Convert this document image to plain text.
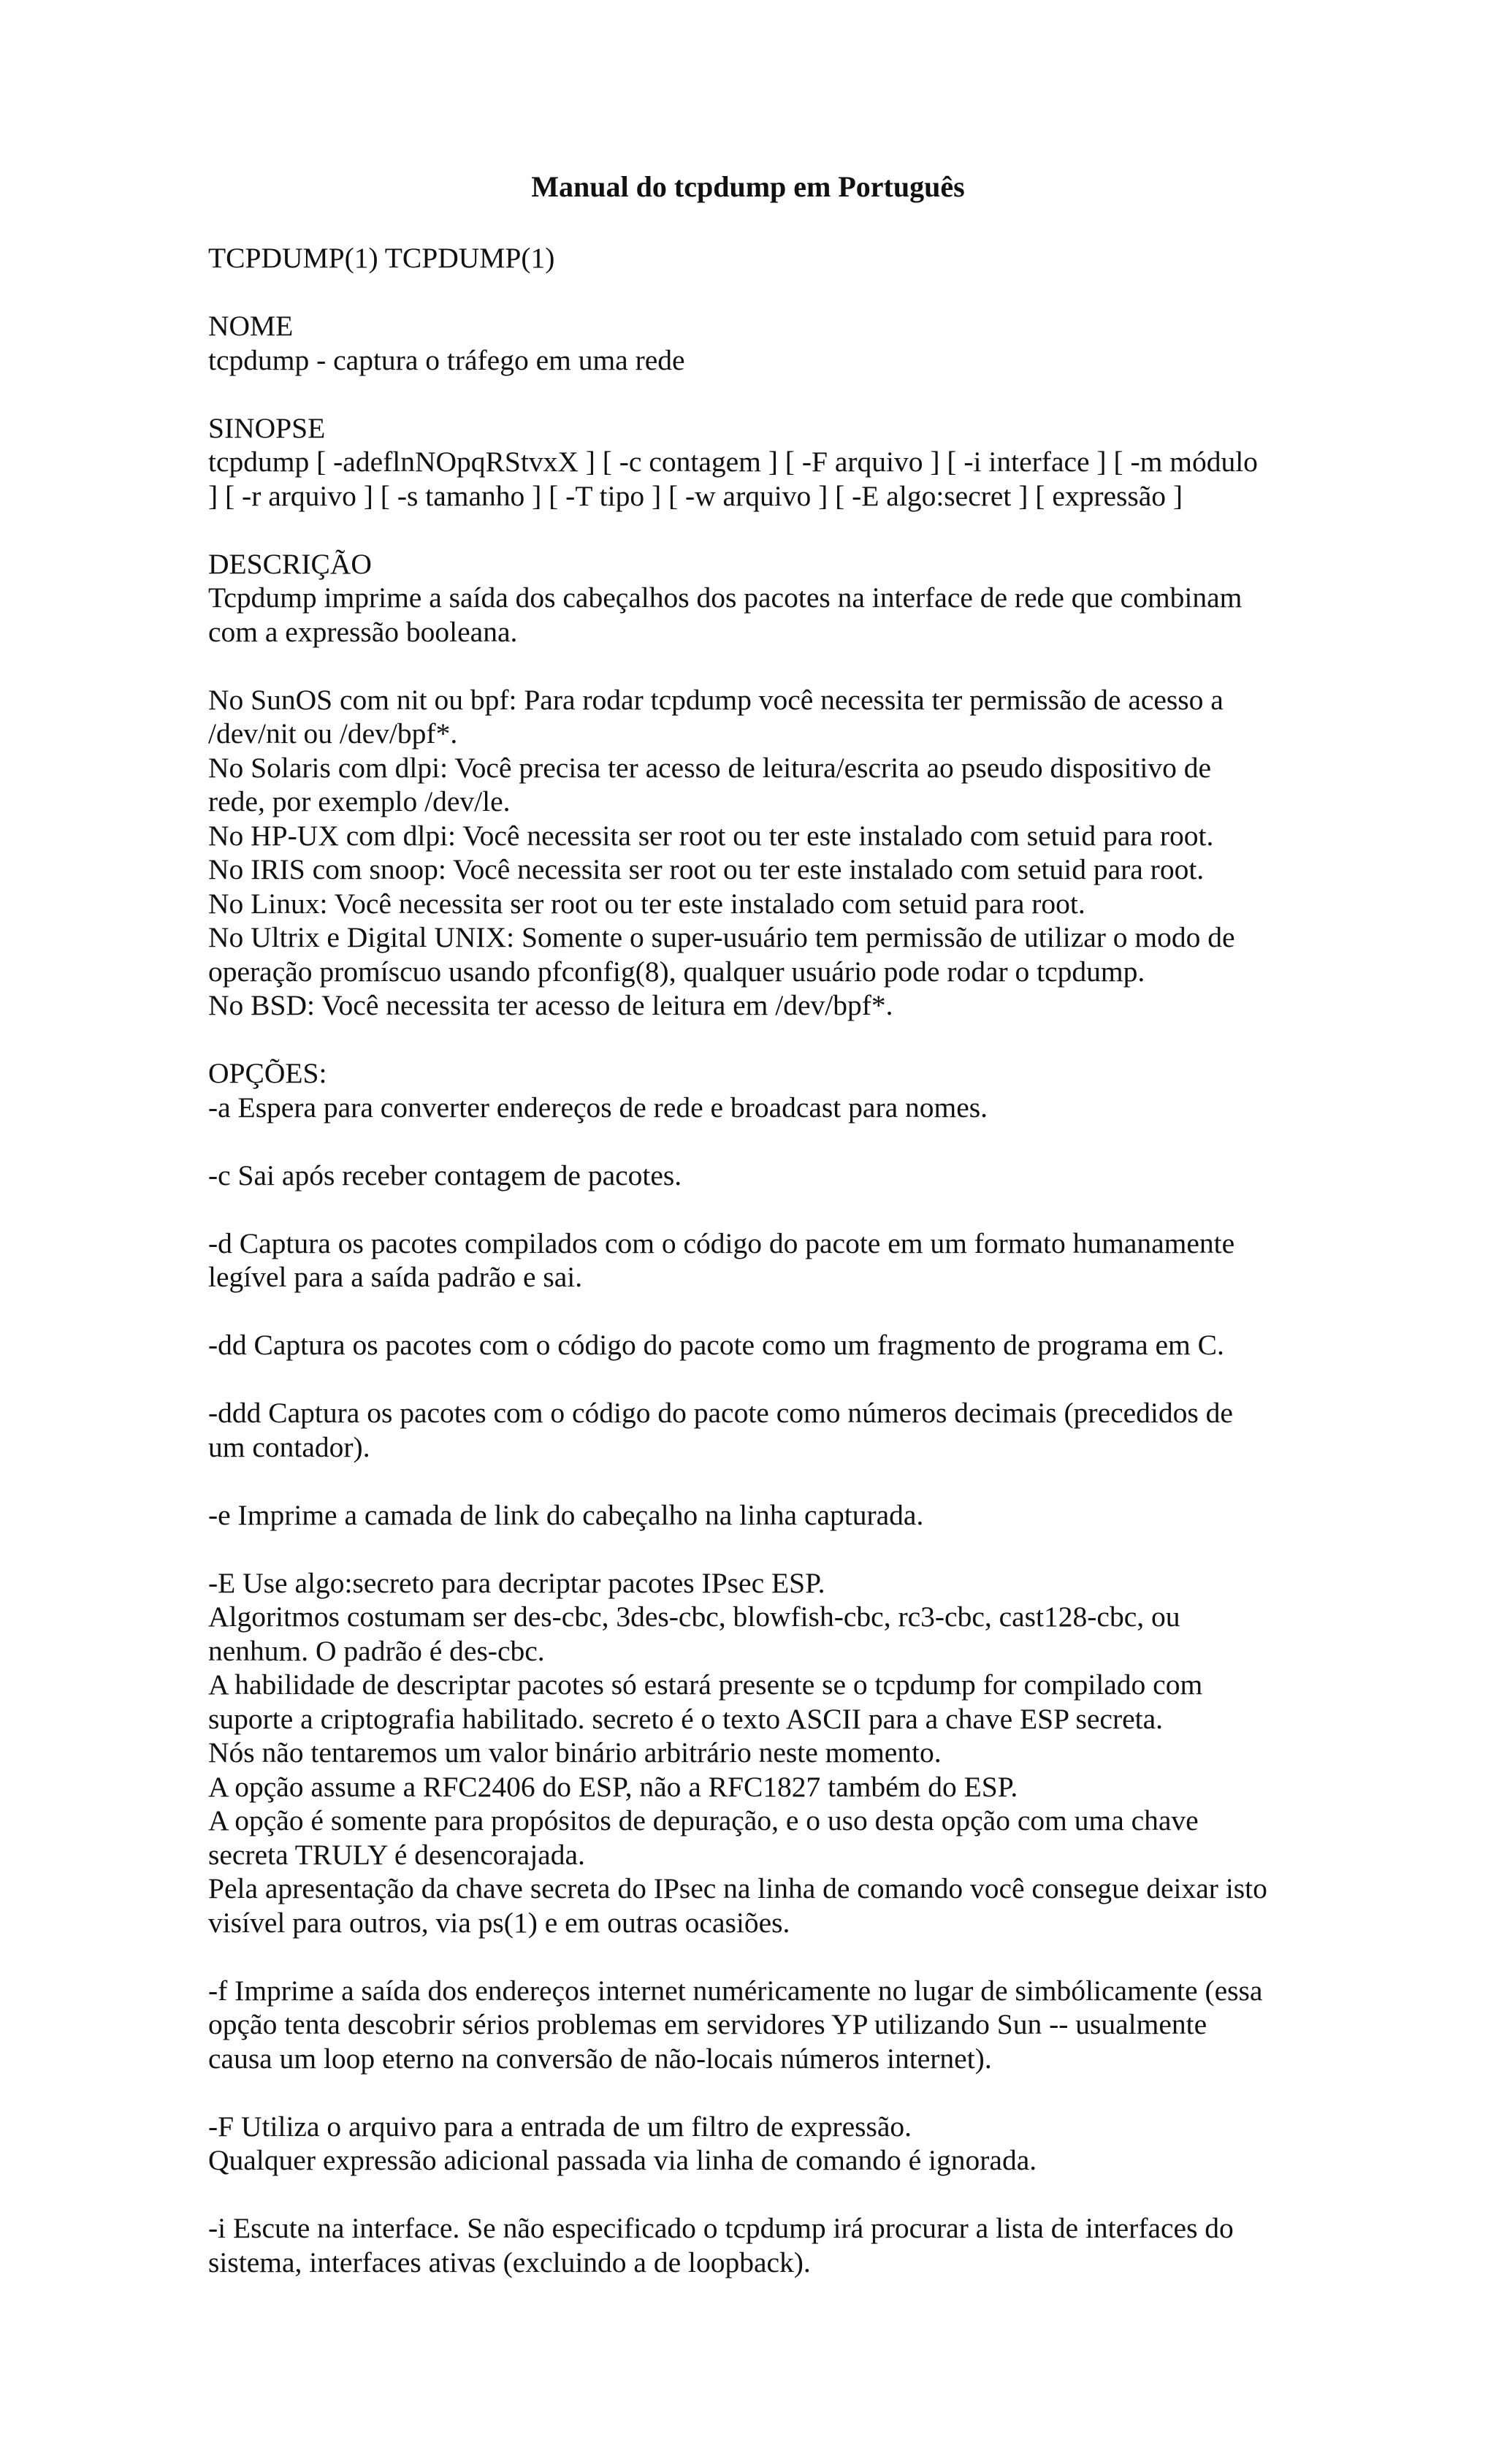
Manual do tcpdump em Português
TCPDUMP(1) TCPDUMP(1)
NOME
tcpdump - captura o tráfego em uma rede
SINOPSE
tcpdump [ -adeflnNOpqRStvxX ] [ -c contagem ] [ -F arquivo ] [ -i interface ] [ -m módulo
] [ -r arquivo ] [ -s tamanho ] [ -T tipo ] [ -w arquivo ] [ -E algo:secret ] [ expressão ]
DESCRIÇÃO
Tcpdump imprime a saída dos cabeçalhos dos pacotes na interface de rede que combinam
com a expressão booleana.
No SunOS com nit ou bpf: Para rodar tcpdump você necessita ter permissão de acesso a
/dev/nit ou /dev/bpf*.
No Solaris com dlpi: Você precisa ter acesso de leitura/escrita ao pseudo dispositivo de
rede, por exemplo /dev/le.
No HP-UX com dlpi: Você necessita ser root ou ter este instalado com setuid para root.
No IRIS com snoop: Você necessita ser root ou ter este instalado com setuid para root.
No Linux: Você necessita ser root ou ter este instalado com setuid para root.
No Ultrix e Digital UNIX: Somente o super-usuário tem permissão de utilizar o modo de
operação promíscuo usando pfconfig(8), qualquer usuário pode rodar o tcpdump.
No BSD: Você necessita ter acesso de leitura em /dev/bpf*.
OPÇÕES:
-a Espera para converter endereços de rede e broadcast para nomes.
-c Sai após receber contagem de pacotes.
-d Captura os pacotes compilados com o código do pacote em um formato humanamente
legível para a saída padrão e sai.
-dd Captura os pacotes com o código do pacote como um fragmento de programa em C.
-ddd Captura os pacotes com o código do pacote como números decimais (precedidos de
um contador).
-e Imprime a camada de link do cabeçalho na linha capturada.
-E Use algo:secreto para decriptar pacotes IPsec ESP.
Algoritmos costumam ser des-cbc, 3des-cbc, blowfish-cbc, rc3-cbc, cast128-cbc, ou
nenhum. O padrão é des-cbc.
A habilidade de descriptar pacotes só estará presente se o tcpdump for compilado com
suporte a criptografia habilitado. secreto é o texto ASCII para a chave ESP secreta.
Nós não tentaremos um valor binário arbitrário neste momento.
A opção assume a RFC2406 do ESP, não a RFC1827 também do ESP.
A opção é somente para propósitos de depuração, e o uso desta opção com uma chave
secreta TRULY é desencorajada.
Pela apresentação da chave secreta do IPsec na linha de comando você consegue deixar isto
visível para outros, via ps(1) e em outras ocasiões.
-f Imprime a saída dos endereços internet numéricamente no lugar de simbólicamente (essa
opção tenta descobrir sérios problemas em servidores YP utilizando Sun -- usualmente
causa um loop eterno na conversão de não-locais números internet).
-F Utiliza o arquivo para a entrada de um filtro de expressão.
Qualquer expressão adicional passada via linha de comando é ignorada.
-i Escute na interface. Se não especificado o tcpdump irá procurar a lista de interfaces do
sistema, interfaces ativas (excluindo a de loopback).
